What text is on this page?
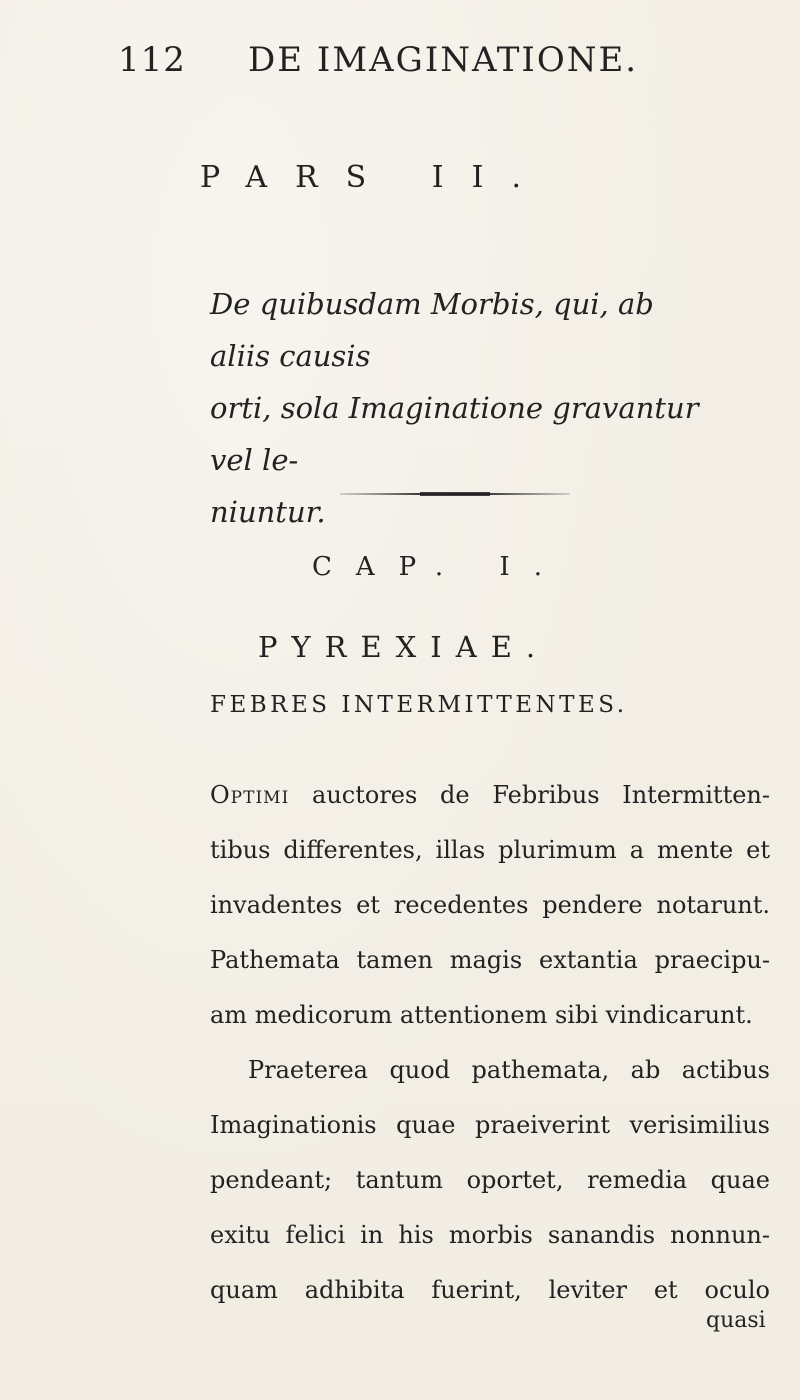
112 DE IMAGINATIONE.
PARS II.
De quibusdam Morbis, qui, ab aliis causis
orti, sola Imaginatione gravantur vel le-
niuntur.
CAP. I.
PYREXIAE.
FEBRES INTERMITTENTES.
Optimi auctores de Febribus Intermitten-
tibus differentes, illas plurimum a mente et
invadentes et recedentes pendere notarunt.
Pathemata tamen magis extantia praecipu-
am medicorum attentionem sibi vindicarunt.
Praeterea quod pathemata, ab actibus
Imaginationis quae praeiverint verisimilius
pendeant; tantum oportet, remedia quae
exitu felici in his morbis sanandis nonnun-
quam adhibita fuerint, leviter et oculo
quasi
